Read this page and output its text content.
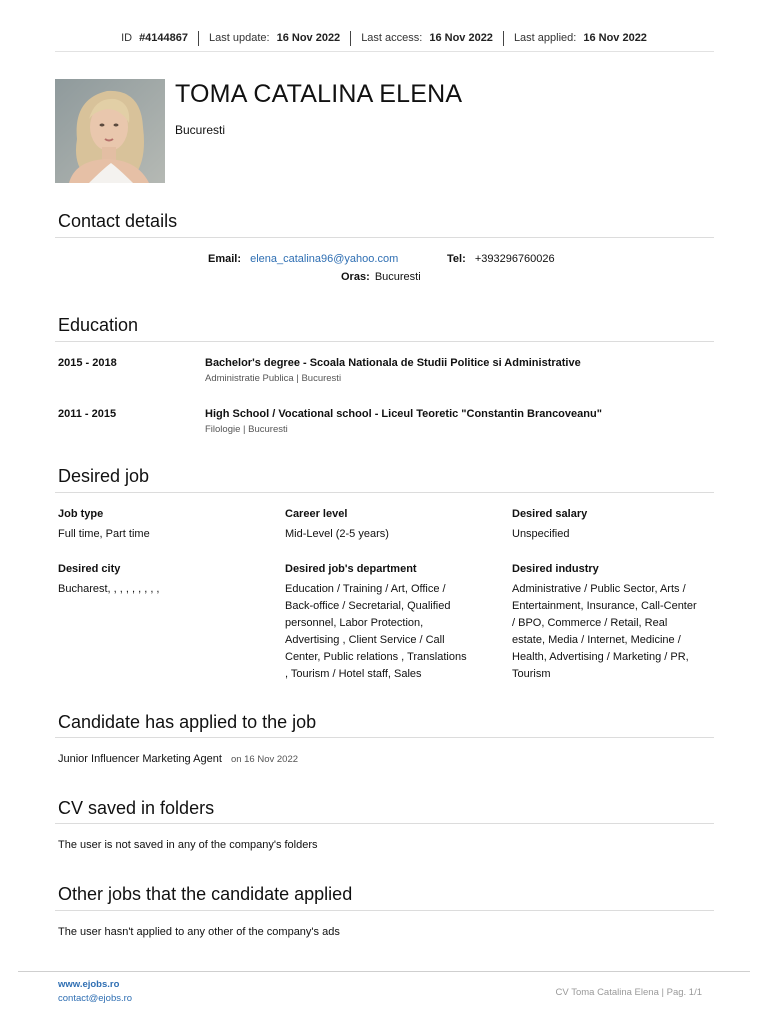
ID #4144867 Last update: 16 Nov 2022 Last access: 16 Nov 2022 Last applied: 16 Nov 2022
TOMA CATALINA ELENA
Bucuresti
Contact details
Email: elena_catalina96@yahoo.com	Tel: +393296760026
Oras: Bucuresti
Education
2015 - 2018	Bachelor's degree - Scoala Nationala de Studii Politice si Administrative
Administratie Publica | Bucuresti
2011 - 2015	High School / Vocational school - Liceul Teoretic "Constantin Brancoveanu"
Filologie | Bucuresti
Desired job
Job type
Full time, Part time
Career level
Mid-Level (2-5 years)
Desired salary
Unspecified
Desired city
Bucharest, , , , , , , , ,
Desired job's department
Education / Training / Art, Office /
Back-office / Secretarial, Qualified
personnel, Labor Protection,
Advertising , Client Service / Call
Center, Public relations , Translations
, Tourism / Hotel staff, Sales
Desired industry
Administrative / Public Sector, Arts /
Entertainment, Insurance, Call-Center
/ BPO, Commerce / Retail, Real
estate, Media / Internet, Medicine /
Health, Advertising / Marketing / PR,
Tourism
Candidate has applied to the job
Junior Influencer Marketing Agent on 16 Nov 2022
CV saved in folders
The user is not saved in any of the company's folders
Other jobs that the candidate applied
The user hasn't applied to any other of the company's ads
www.ejobs.ro
contact@ejobs.ro
CV Toma Catalina Elena | Pag. 1/1
